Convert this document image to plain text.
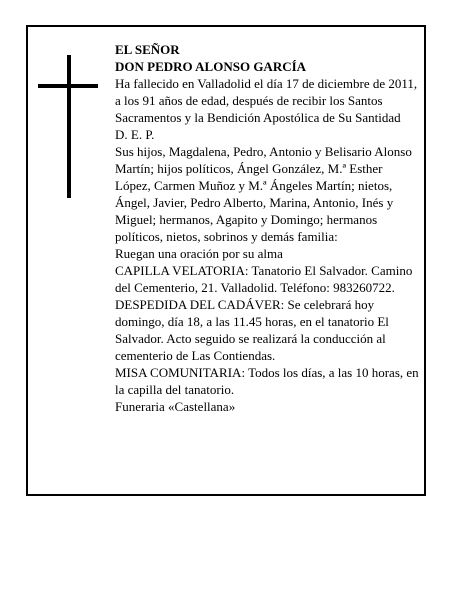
EL SEÑOR

DON PEDRO ALONSO GARCÍA

Ha fallecido en Valladolid el día 17 de diciembre de 2011, a los 91 años de edad, después de recibir los Santos Sacramentos y la Bendición Apostólica de Su Santidad

D. E. P.

Sus hijos, Magdalena, Pedro, Antonio y Belisario Alonso Martín; hijos políticos, Ángel González, M.ª Esther López, Carmen Muñoz y M.ª Ángeles Martín; nietos, Ángel, Javier, Pedro Alberto, Marina, Antonio, Inés y Miguel; hermanos, Agapito y Domingo; hermanos políticos, nietos, sobrinos y demás familia:

Ruegan una oración por su alma

CAPILLA VELATORIA: Tanatorio El Salvador. Camino del Cementerio, 21. Valladolid. Teléfono: 983260722.

DESPEDIDA DEL CADÁVER: Se celebrará hoy domingo, día 18, a las 11.45 horas, en el tanatorio El Salvador. Acto seguido se realizará la conducción al cementerio de Las Contiendas.

MISA COMUNITARIA: Todos los días, a las 10 horas, en la capilla del tanatorio.

Funeraria «Castellana»
